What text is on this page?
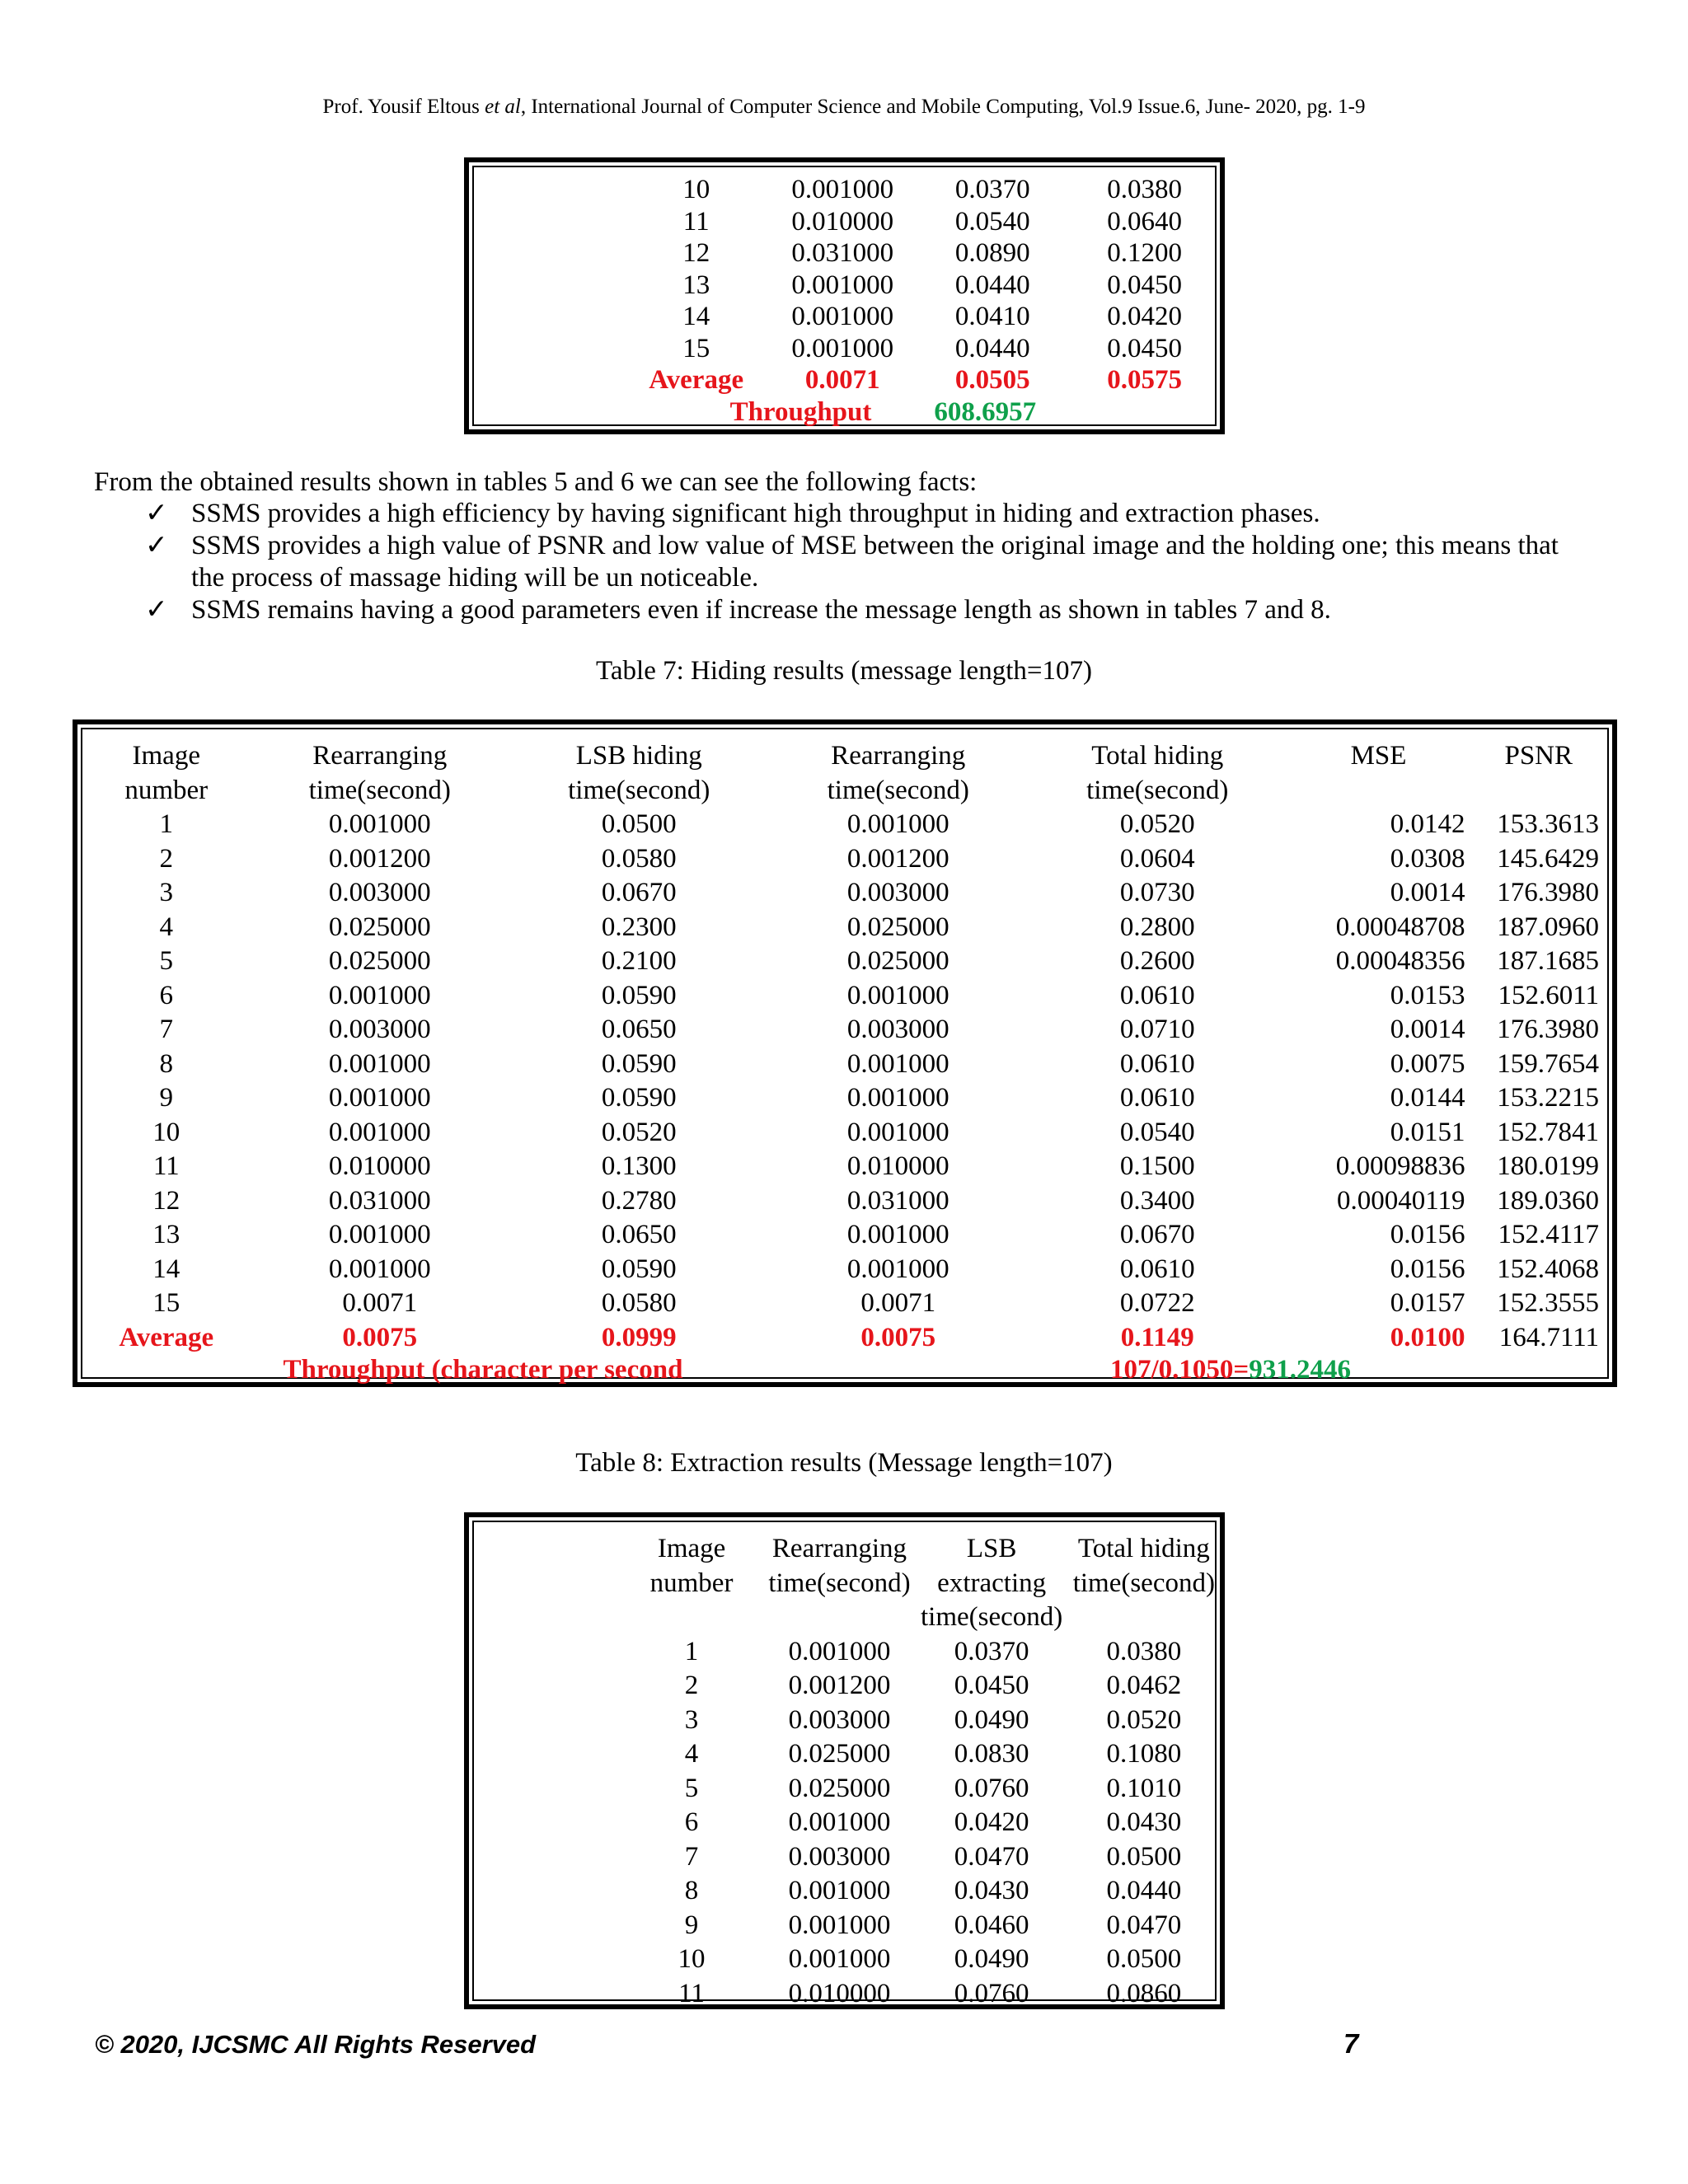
Prof. Yousif Eltous et al, International Journal of Computer Science and Mobile Computing, Vol.9 Issue.6, June- 2020, pg. 1-9
	10	0.001000	0.0370	0.0380
	11	0.010000	0.0540	0.0640
	12	0.031000	0.0890	0.1200
	13	0.001000	0.0440	0.0450
	14	0.001000	0.0410	0.0420
	15	0.001000	0.0440	0.0450
	Average	0.0071	0.0505	0.0575
	Throughput		608.6957	
From the obtained results shown in tables 5 and 6 we can see the following facts:
✓ SSMS provides a high efficiency by having significant high throughput in hiding and extraction phases.
✓ SSMS provides a high value of PSNR and low value of MSE between the original image and the holding one; this means that
the process of massage hiding will be un noticeable.
✓ SSMS remains having a good parameters even if increase the message length as shown in tables 7 and 8.
Table 7: Hiding results (message length=107)
Image	Rearranging	LSB hiding	Rearranging	Total hiding	MSE	PSNR
number	time(second)	time(second)	time(second)	time(second)		
1	0.001000	0.0500	0.001000	0.0520	0.0142	153.3613
2	0.001200	0.0580	0.001200	0.0604	0.0308	145.6429
3	0.003000	0.0670	0.003000	0.0730	0.0014	176.3980
4	0.025000	0.2300	0.025000	0.2800	0.00048708	187.0960
5	0.025000	0.2100	0.025000	0.2600	0.00048356	187.1685
6	0.001000	0.0590	0.001000	0.0610	0.0153	152.6011
7	0.003000	0.0650	0.003000	0.0710	0.0014	176.3980
8	0.001000	0.0590	0.001000	0.0610	0.0075	159.7654
9	0.001000	0.0590	0.001000	0.0610	0.0144	153.2215
10	0.001000	0.0520	0.001000	0.0540	0.0151	152.7841
11	0.010000	0.1300	0.010000	0.1500	0.00098836	180.0199
12	0.031000	0.2780	0.031000	0.3400	0.00040119	189.0360
13	0.001000	0.0650	0.001000	0.0670	0.0156	152.4117
14	0.001000	0.0590	0.001000	0.0610	0.0156	152.4068
15	0.0071	0.0580	0.0071	0.0722	0.0157	152.3555
Average	0.0075	0.0999	0.0075	0.1149	0.0100	164.7111
	Throughput (character per second			107/0.1050=931.2446		
Table 8: Extraction results (Message length=107)
	Image	Rearranging	LSB	Total hiding
	number	time(second)	extracting	time(second)
			time(second)	
	1	0.001000	0.0370	0.0380
	2	0.001200	0.0450	0.0462
	3	0.003000	0.0490	0.0520
	4	0.025000	0.0830	0.1080
	5	0.025000	0.0760	0.1010
	6	0.001000	0.0420	0.0430
	7	0.003000	0.0470	0.0500
	8	0.001000	0.0430	0.0440
	9	0.001000	0.0460	0.0470
	10	0.001000	0.0490	0.0500
	11	0.010000	0.0760	0.0860
© 2020, IJCSMC All Rights Reserved	7
